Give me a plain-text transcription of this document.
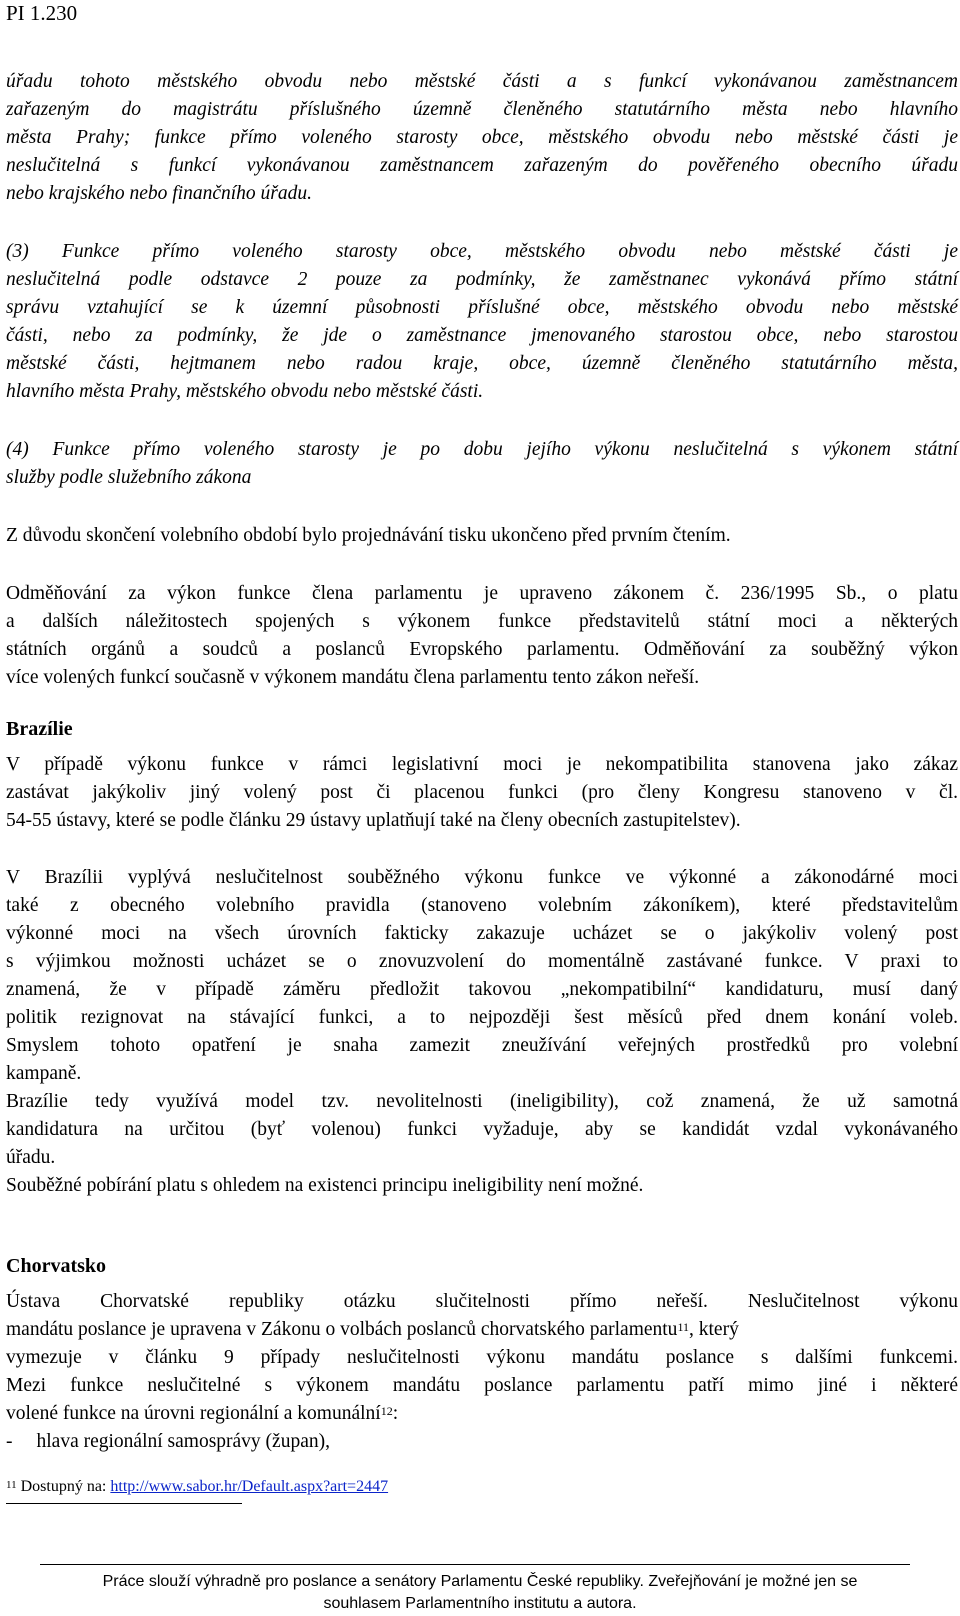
PI 1.230
úřadu tohoto městského obvodu nebo městské části a s funkcí vykonávanou zaměstnancem
zařazeným do magistrátu příslušného územně členěného statutárního města nebo hlavního
města Prahy; funkce přímo voleného starosty obce, městského obvodu nebo městské části je
neslučitelná s funkcí vykonávanou zaměstnancem zařazeným do pověřeného obecního úřadu
nebo krajského nebo finančního úřadu.
(3) Funkce přímo voleného starosty obce, městského obvodu nebo městské části je
neslučitelná podle odstavce 2 pouze za podmínky, že zaměstnanec vykonává přímo státní
správu vztahující se k územní působnosti příslušné obce, městského obvodu nebo městské
části, nebo za podmínky, že jde o zaměstnance jmenovaného starostou obce, nebo starostou
městské části, hejtmanem nebo radou kraje, obce, územně členěného statutárního města,
hlavního města Prahy, městského obvodu nebo městské části.
(4) Funkce přímo voleného starosty je po dobu jejího výkonu neslučitelná s výkonem státní
služby podle služebního zákona
Z důvodu skončení volebního období bylo projednávání tisku ukončeno před prvním čtením.
Odměňování za výkon funkce člena parlamentu je upraveno zákonem č. 236/1995 Sb., o platu
a dalších náležitostech spojených s výkonem funkce představitelů státní moci a některých
státních orgánů a soudců a poslanců Evropského parlamentu. Odměňování za souběžný výkon
více volených funkcí současně v výkonem mandátu člena parlamentu tento zákon neřeší.
Brazílie
V případě výkonu funkce v rámci legislativní moci je nekompatibilita stanovena jako zákaz
zastávat jakýkoliv jiný volený post či placenou funkci (pro členy Kongresu stanoveno v čl.
54-55 ústavy, které se podle článku 29 ústavy uplatňují také na členy obecních zastupitelstev).
V Brazílii vyplývá neslučitelnost souběžného výkonu funkce ve výkonné a zákonodárné moci
také z obecného volebního pravidla (stanoveno volebním zákoníkem), které představitelům
výkonné moci na všech úrovních fakticky zakazuje ucházet se o jakýkoliv volený post
s výjimkou možnosti ucházet se o znovuzvolení do momentálně zastávané funkce. V praxi to
znamená, že v případě záměru předložit takovou „nekompatibilní“ kandidaturu, musí daný
politik rezignovat na stávající funkci, a to nejpozději šest měsíců před dnem konání voleb.
Smyslem tohoto opatření je snaha zamezit zneužívání veřejných prostředků pro volební
kampaně.
Brazílie tedy využívá model tzv. nevolitelnosti (ineligibility), což znamená, že už samotná
kandidatura na určitou (byť volenou) funkci vyžaduje, aby se kandidát vzdal vykonávaného
úřadu.
Souběžné pobírání platu s ohledem na existenci principu ineligibility není možné.
Chorvatsko
Ústava Chorvatské republiky otázku slučitelnosti přímo neřeší. Neslučitelnost výkonu
mandátu poslance je upravena v Zákonu o volbách poslanců chorvatského parlamentu 11 , který
vymezuje v článku 9 případy neslučitelnosti výkonu mandátu poslance s dalšími funkcemi.
Mezi funkce neslučitelné s výkonem mandátu poslance parlamentu patří mimo jiné i některé
volené funkce na úrovni regionální a komunální$^{12}$:
- hlava regionální samosprávy (župan),
$^{11}$ Dostupný na: http://www.sabor.hr/Default.aspx?art=2447
Práce slouží výhradně pro poslance a senátory Parlamentu České republiky. Zveřejňování je možné jen se
souhlasem Parlamentního institutu a autora.
